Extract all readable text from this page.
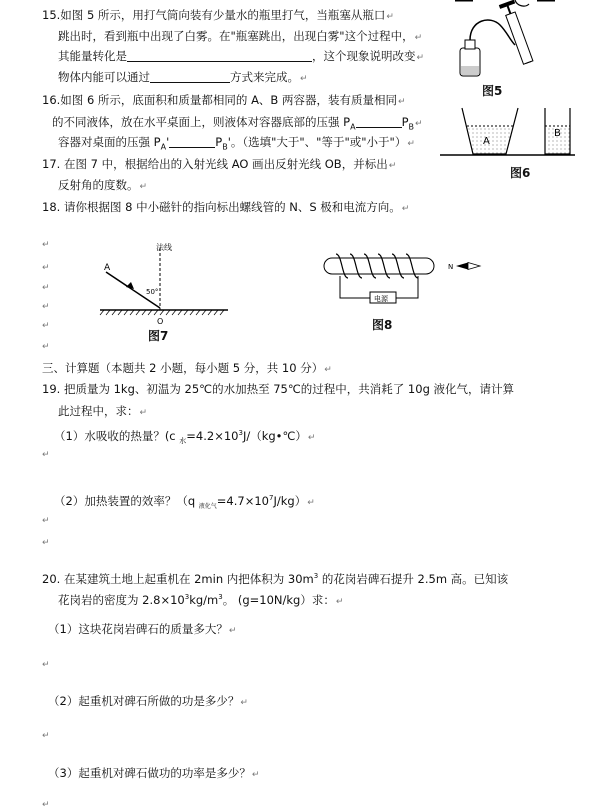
15.如图 5 所示，用打气筒向装有少量水的瓶里打气，当瓶塞从瓶口↵
跳出时，看到瓶中出现了白雾。在"瓶塞跳出，出现白雾"这个过程中，↵
其能量转化是	，这个现象说明改变↵
物体内能可以通过	方式来完成。↵
16.如图 6 所示，底面积和质量都相同的 A、B 两容器，装有质量相同↵
的不同液体，放在水平桌面上，则液体对容器底部的压强 $P_A$	$P_B↵$
容器对桌面的压强 $P_A'$	$P_B'$。（选填"大于"、"等于"或"小于"）↵
17. 在图 7 中，根据给出的入射光线 AO 画出反射光线 OB，并标出↵
反射角的度数。↵
18. 请你根据图 8 中小磁针的指向标出螺线管的 N、S 极和电流方向。↵
↵
↵
↵
↵
↵
↵
三、计算题（本题共 2 小题，每小题 5 分，共 10 分）↵
19. 把质量为 1kg、初温为 25℃的水加热至 75℃的过程中，共消耗了 10g 液化气，请计算
此过程中，求：↵
（1）水吸收的热量？(c $_水=4.2\times 10^3J/(kg•℃)↵$
↵
（2）加热装置的效率？（q $_{液化气}=4.7\times 10^7J/kg)↵$
↵
↵
20. 在某建筑土地上起重机在 2min 内把体积为 $30m^3$ 的花岗岩碑石提升 2.5m 高。已知该
花岗岩的密度为 $2.8\times 10^3kg/m^3$。 (g=10N/kg）求：↵
（1）这块花岗岩碑石的质量多大？↵
↵
（2）起重机对碑石所做的功是多少？↵
↵
（3）起重机对碑石做功的功率是多少？↵
↵
图5
A
B
图6
法线
A
50°
O
图7
电源
N
图8
